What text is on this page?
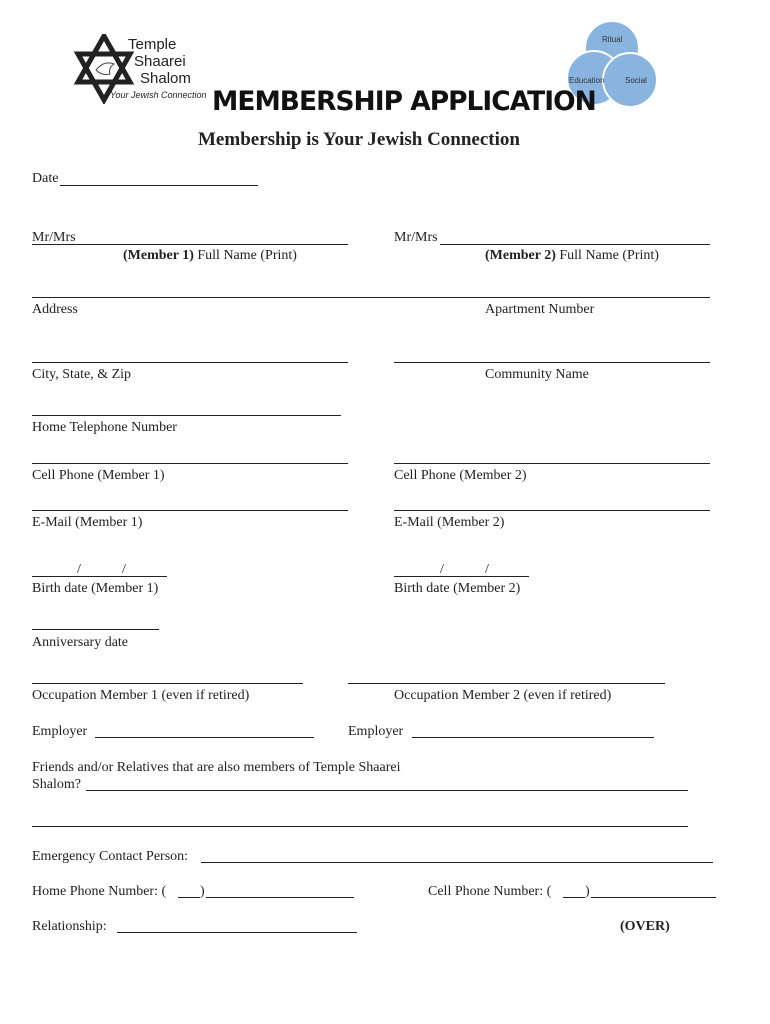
Temple
Shaarei
Shalom
Your Jewish Connection
Ritual
Education	Social
MEMBERSHIP APPLICATION
Membership is Your Jewish Connection
Date
Mr/Mrs
(Member 1) Full Name (Print)
Mr/Mrs
(Member 2) Full Name (Print)
Address	Apartment Number
City, State, & Zip	Community Name
Home Telephone Number
Cell Phone (Member 1)	Cell Phone (Member 2)
E-Mail (Member 1)	E-Mail (Member 2)
/	/
Birth date (Member 1)
/	/
Birth date (Member 2)
Anniversary date
Occupation Member 1 (even if retired)	Occupation Member 2 (even if retired)
Employer	Employer
Friends and/or Relatives that are also members of Temple Shaarei
Shalom?
Emergency Contact Person:
Home Phone Number: ( )	Cell Phone Number: ( )
Relationship:	(OVER)
